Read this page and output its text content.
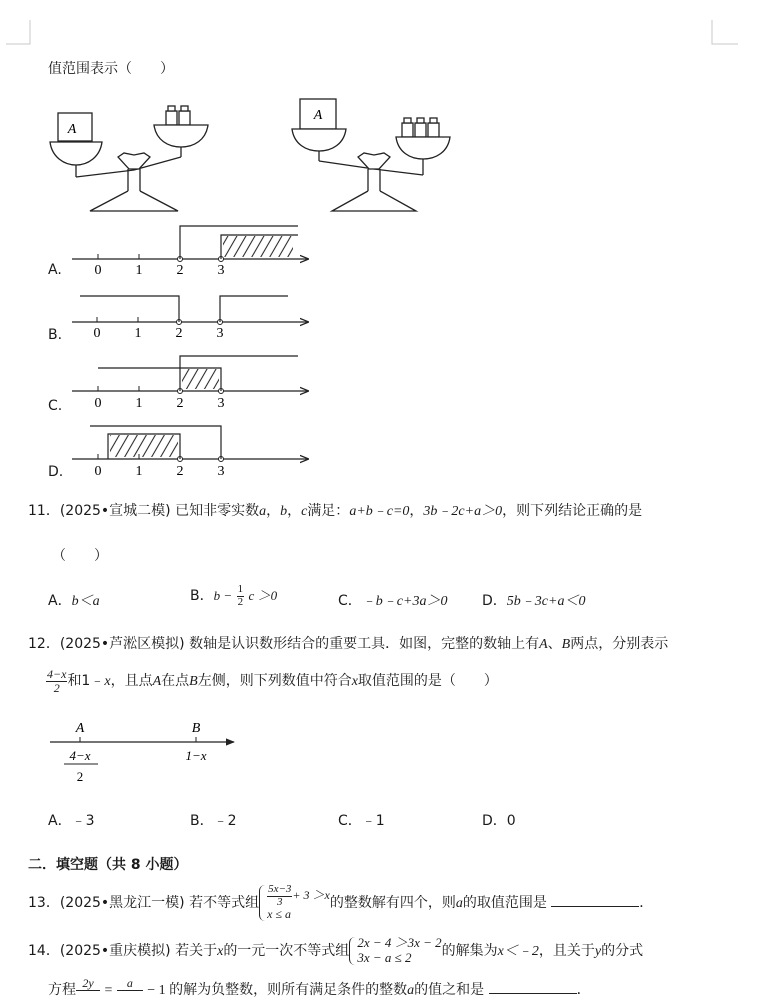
值范围表示（　　）
A
A
A. 0 1 2 3
B. 0 1 2 3
C. 0 1 2 3
D. 0 1 2 3
11．(2025•宣城二模) 已知非零实数a，b，c满足：a+b﹣c=0，3b﹣2c+a＞0，则下列结论正确的是
（　　）
A．b＜a	B．$b - \frac{1}{2}$ c ＞0	C．﹣b﹣c+3a＞0 D．5b﹣3c+a＜0
12．(2025•芦淞区模拟) 数轴是认识数形结合的重要工具．如图，完整的数轴上有A、B两点，分别表示
$\frac{4-x}{2}$ 和1﹣x，且点A在点B左侧，则下列数值中符合x取值范围的是（　　）
A	B
4−x
2
1−x
A．﹣3	B．﹣2	C．﹣1	D．0
二．填空题（共 8 小题）
13．(2025•黑龙江一模) 若不等式组 $\frac{5x-3}{3} + 3 >x$
x ≤ a
的整数解有四个，则a的取值范围是	．
14．(2025•重庆模拟) 若关于x的一元一次不等式组
2x − 4 ＞3x − 2
3x − a ≤ 2	的解集为x＜﹣2，且关于y的分式
方程 2y

=
a

− 1 的解为负整数，则所有满足条件的整数a的值之和是	．
